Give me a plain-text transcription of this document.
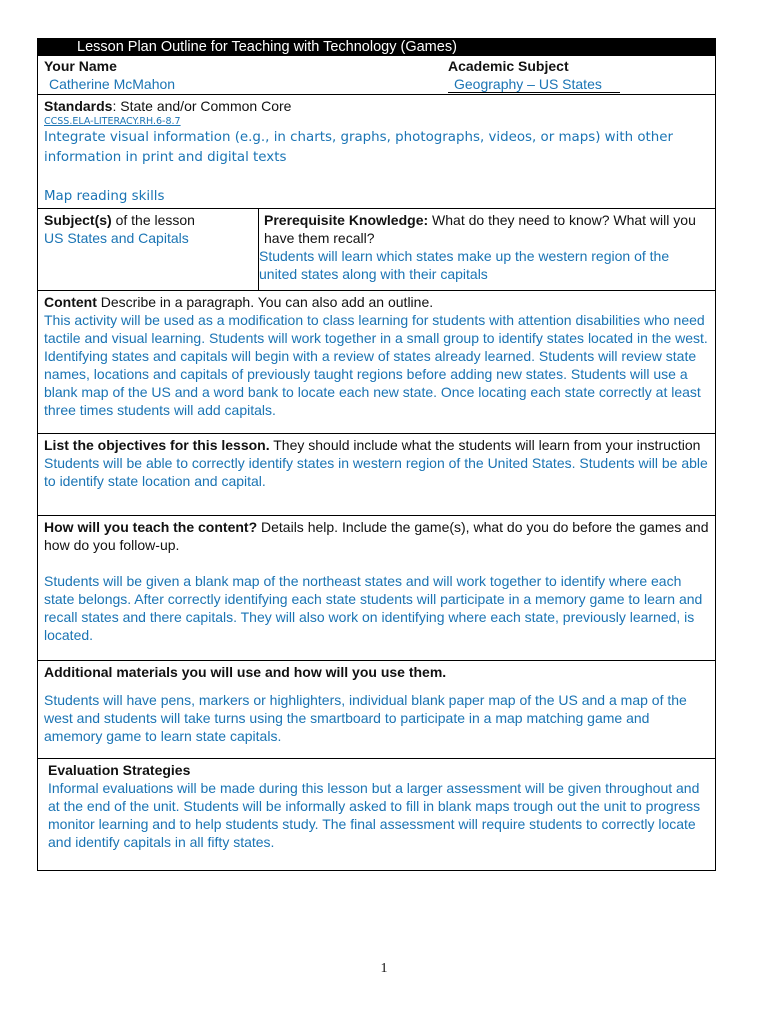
Lesson Plan Outline for Teaching with Technology (Games)
Your Name
Catherine McMahon
Academic Subject
Geography – US States
Standards: State and/or Common Core
CCSS.ELA-LITERACY.RH.6-8.7
Integrate visual information (e.g., in charts, graphs, photographs, videos, or maps) with other
information in print and digital texts
Map reading skills
Subject(s) of the lesson
US States and Capitals
Prerequisite Knowledge: What do they need to know? What will you have them recall?
Students will learn which states make up the western region of the united states along with their capitals
Content Describe in a paragraph. You can also add an outline.
This activity will be used as a modification to class learning for students with attention disabilities who need tactile and visual learning. Students will work together in a small group to identify states located in the west. Identifying states and capitals will begin with a review of states already learned. Students will review state names, locations and capitals of previously taught regions before adding new states. Students will use a blank map of the US and a word bank to locate each new state. Once locating each state correctly at least three times students will add capitals.
List the objectives for this lesson. They should include what the students will learn from your instruction
Students will be able to correctly identify states in western region of the United States. Students will be able to identify state location and capital.
How will you teach the content? Details help. Include the game(s), what do you do before the games and how do you follow-up.
Students will be given a blank map of the northeast states and will work together to identify where each state belongs. After correctly identifying each state students will participate in a memory game to learn and recall states and there capitals. They will also work on identifying where each state, previously learned, is located.
Additional materials you will use and how will you use them.
Students will have pens, markers or highlighters, individual blank paper map of the US and a map of the west and students will take turns using the smartboard to participate in a map matching game and amemory game to learn state capitals.
Evaluation Strategies
Informal evaluations will be made during this lesson but a larger assessment will be given throughout and at the end of the unit. Students will be informally asked to fill in blank maps trough out the unit to progress monitor learning and to help students study. The final assessment will require students to correctly locate and identify capitals in all fifty states.
1
